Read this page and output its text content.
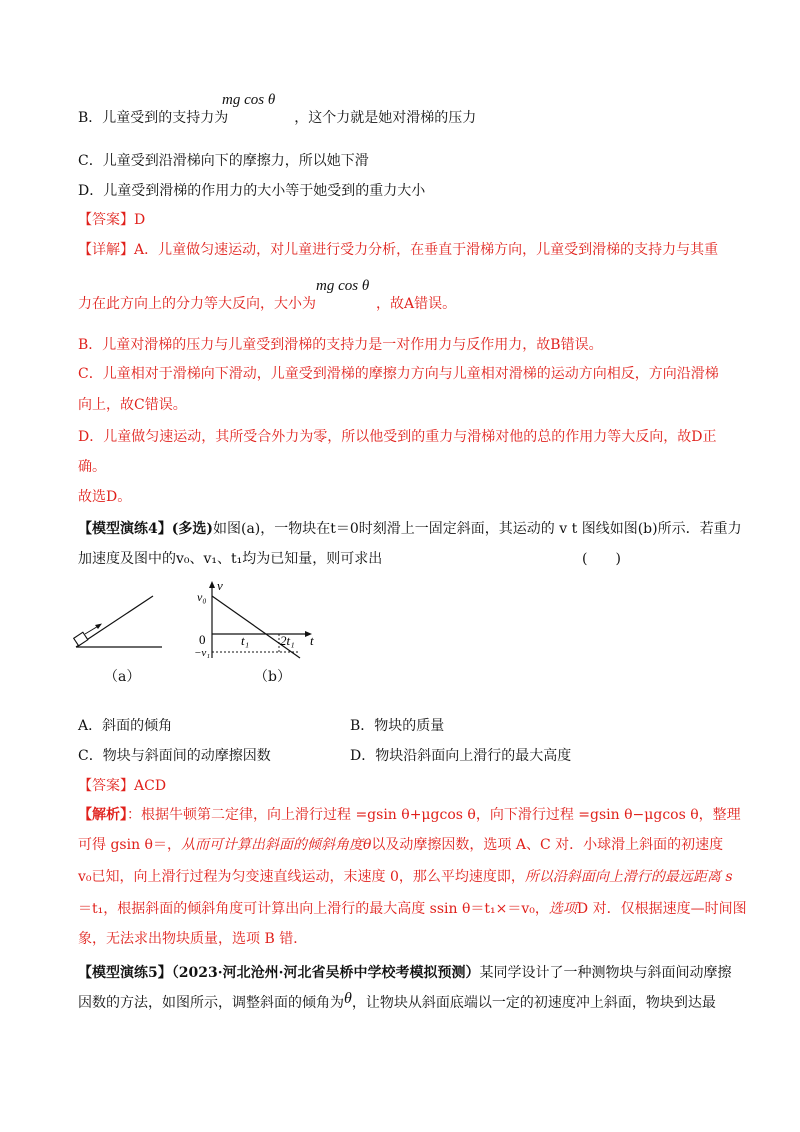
B．儿童受到的支持力为	，这个力就是她对滑梯的压力
mg cos θ
C．儿童受到沿滑梯向下的摩擦力，所以她下滑
D．儿童受到滑梯的作用力的大小等于她受到的重力大小
【答案】D
【详解】A．儿童做匀速运动，对儿童进行受力分析，在垂直于滑梯方向，儿童受到滑梯的支持力与其重
力在此方向上的分力等大反向，大小为	，故A错误。
mg cos θ
B．儿童对滑梯的压力与儿童受到滑梯的支持力是一对作用力与反作用力，故B错误。
C．儿童相对于滑梯向下滑动，儿童受到滑梯的摩擦力方向与儿童相对滑梯的运动方向相反，方向沿滑梯
向上，故C错误。
D．儿童做匀速运动，其所受合外力为零，所以他受到的重力与滑梯对他的总的作用力等大反向，故D正
确。
故选D。
【模型演练4】(多选)如图(a)，一物块在t＝0时刻滑上一固定斜面，其运动的 v t 图线如图(b)所示．若重力
加速度及图中的v₀、v₁、t₁均为已知量，则可求出	(　　)
（a）
v
v₀
0
−v₁
t₁ 2t₁ t
（b）
A．斜面的倾角	B．物块的质量
C．物块与斜面间的动摩擦因数	D．物块沿斜面向上滑行的最大高度
【答案】ACD
【解析】：根据牛顿第二定律，向上滑行过程 =gsin θ+μgcos θ，向下滑行过程 =gsin θ−μgcos θ，整理
可得 gsin θ＝，从而可计算出斜面的倾斜角度θ以及动摩擦因数，选项 A、C 对．小球滑上斜面的初速度
v₀已知，向上滑行过程为匀变速直线运动，末速度 0，那么平均速度即，所以沿斜面向上滑行的最远距离 s
＝t₁，根据斜面的倾斜角度可计算出向上滑行的最大高度 ssin θ＝t₁×＝v₀，选项D 对．仅根据速度—时间图
象，无法求出物块质量，选项 B 错．
【模型演练5】（2023·河北沧州·河北省吴桥中学校考模拟预测）某同学设计了一种测物块与斜面间动摩擦
因数的方法，如图所示，调整斜面的倾角为θ，让物块从斜面底端以一定的初速度冲上斜面，物块到达最
